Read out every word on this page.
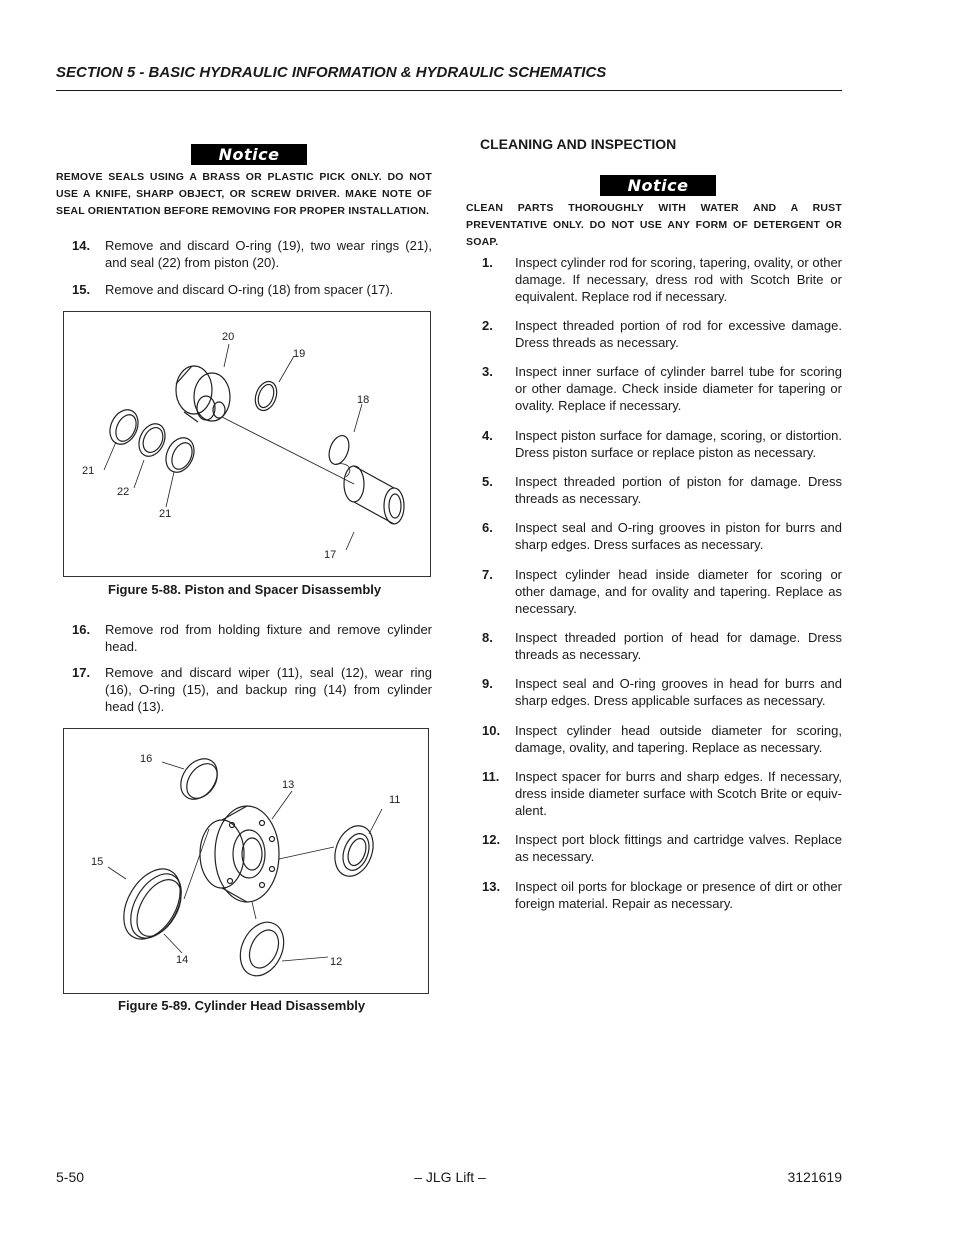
SECTION 5 - BASIC HYDRAULIC INFORMATION & HYDRAULIC SCHEMATICS
Notice
REMOVE SEALS USING A BRASS OR PLASTIC PICK ONLY. DO NOT USE A KNIFE, SHARP OBJECT, OR SCREW DRIVER. MAKE NOTE OF SEAL ORIENTATION BEFORE REMOVING FOR PROPER INSTALLATION.
14. Remove and discard O-ring (19), two wear rings (21), and seal (22) from piston (20).
15. Remove and discard O-ring (18) from spacer (17).
20
19
18
21
22
21
17
Figure 5-88. Piston and Spacer Disassembly
16. Remove rod from holding fixture and remove cylinder head.
17. Remove and discard wiper (11), seal (12), wear ring (16), O-ring (15), and backup ring (14) from cylinder head (13).
16
13
11
15
14	12
Figure 5-89. Cylinder Head Disassembly
CLEANING AND INSPECTION
Notice
CLEAN PARTS THOROUGHLY WITH WATER AND A RUST PREVENTATIVE ONLY. DO NOT USE ANY FORM OF DETERGENT OR SOAP.
1. Inspect cylinder rod for scoring, tapering, ovality, or other damage. If necessary, dress rod with Scotch Brite or equivalent. Replace rod if necessary.
2. Inspect threaded portion of rod for excessive damage. Dress threads as necessary.
3. Inspect inner surface of cylinder barrel tube for scoring or other damage. Check inside diameter for tapering or ovality. Replace if necessary.
4. Inspect piston surface for damage, scoring, or distortion. Dress piston surface or replace piston as necessary.
5. Inspect threaded portion of piston for damage. Dress threads as necessary.
6. Inspect seal and O-ring grooves in piston for burrs and sharp edges. Dress surfaces as necessary.
7. Inspect cylinder head inside diameter for scoring or other damage, and for ovality and tapering. Replace as necessary.
8. Inspect threaded portion of head for damage. Dress threads as necessary.
9. Inspect seal and O-ring grooves in head for burrs and sharp edges. Dress applicable surfaces as necessary.
10. Inspect cylinder head outside diameter for scoring, damage, ovality, and tapering. Replace as necessary.
11. Inspect spacer for burrs and sharp edges. If necessary, dress inside diameter surface with Scotch Brite or equiv-alent.
12. Inspect port block fittings and cartridge valves. Replace as necessary.
13. Inspect oil ports for blockage or presence of dirt or other foreign material. Repair as necessary.
5-50	– JLG Lift –	3121619
